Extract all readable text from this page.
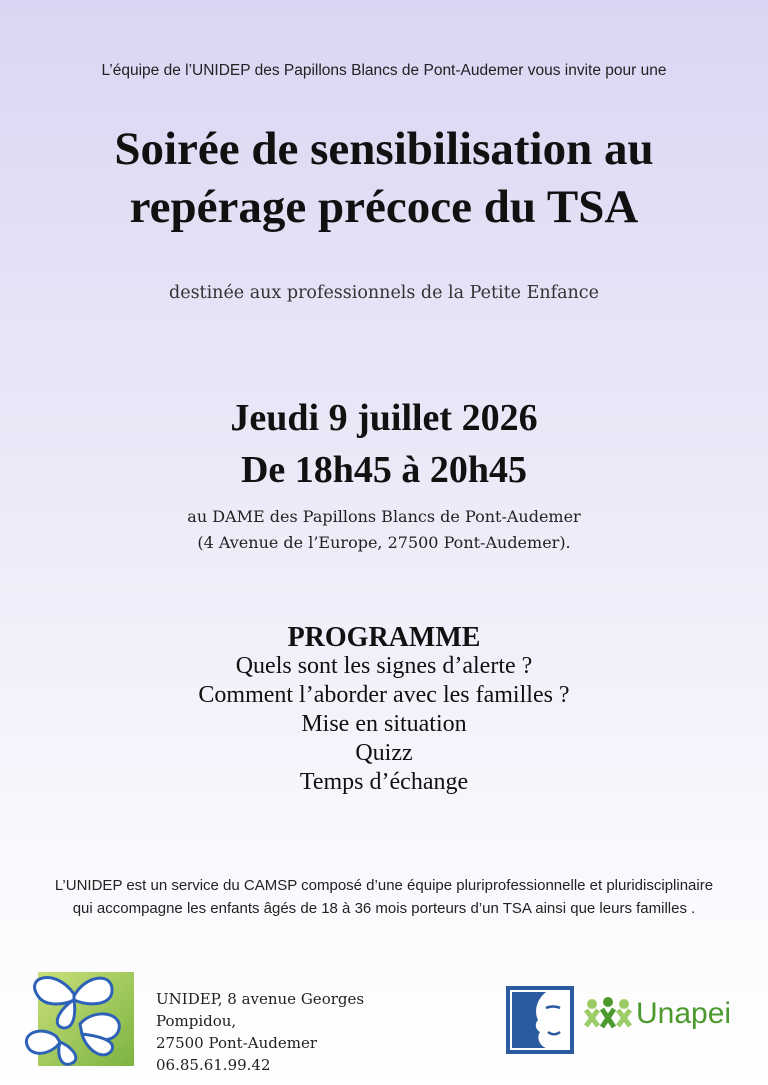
L’équipe de l’UNIDEP des Papillons Blancs de Pont-Audemer vous invite pour une

Soirée de sensibilisation au
repérage précoce du TSA

destinée aux professionnels de la Petite Enfance

Jeudi 9 juillet 2026
De 18h45 à 20h45
au DAME des Papillons Blancs de Pont-Audemer
(4 Avenue de l’Europe, 27500 Pont-Audemer).
PROGRAMME
Quels sont les signes d’alerte ?
Comment l’aborder avec les familles ?
Mise en situation
Quizz
Temps d’échange
L’UNIDEP est un service du CAMSP composé d’une équipe pluriprofessionnelle et pluridisciplinaire
qui accompagne les enfants âgés de 18 à 36 mois porteurs d’un TSA ainsi que leurs familles .
UNIDEP, 8 avenue Georges
Pompidou,
27500 Pont-Audemer
06.85.61.99.42
Unapei
